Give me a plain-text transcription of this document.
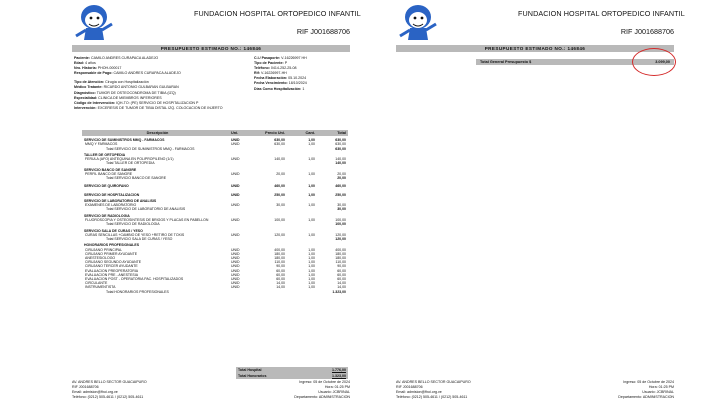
FUNDACION HOSPITAL ORTOPEDICO INFANTIL
RIF J001688706
PRESUPUESTO ESTIMADO NO.: 146846
Paciente: CAMILO ANDRES CURAPACA ALADEJO
Edad: 4 años
Nro. Historia: PHOH-000017
Responsable de Pago: CAMILO ANDRES CURAPACA ALADEJO
Tipo de Atención: Cirugía con Hospitalización
Médico Tratante: RICARDO ANTONIO GULBARAN GULBARAN
Diagnóstico: TUMOR DE OSTEOCONDROMA DE TIBIA (IZQ)
Especialidad: CLINICA DE MIEMBROS INFERIORES
Código de Intervención: IQH-TO: (PE) SERVICIO DE HOSPITALIZACION P
Intervención: EXCERESIS DE TUMOR DE TIBIA DISTAL IZQ. COLOCACION DE INJERTO
C.I./ Pasaporte: V-16226997 HH
Tipo de Paciente: P
Teléfono: 0414-252-25-08
Rif: V-16226997-HH
Fecha Elaboración: 05.10.2024
Fecha Vencimiento: 18/10/2024
Días Como Hospitalización: 1
Descripción	Uni.	Precio Uni.	Cant.	Total
SERVICIO DE SUMINISTROS MMQ - FARMACOS	UNID	630,00	1,00	630,00
MMQ Y FARMACOS	UNID	630,00	1,00	630,00
Total SERVICIO DE SUMINISTROS MMQ - FARMACOS	630,00
TALLER DE ORTOPEDIA
FERULA (AFO) ANTEQUINA EN POLIPROPILENO (1/1)	UNID	140,00	1,00	140,00
Total TALLER DE ORTOPEDIA	140,00
SERVICIO BANCO DE SANGRE
PERFIL BANCO DE SANGRE	UNID	20,00	1,00	20,00
Total SERVICIO BANCO DE SANGRE	20,00
SERVICIO DE QUIROFANO	UNID	460,00	1,00	460,00
SERVICIO DE HOSPITALIZACION	UNID	250,00	1,00	250,00
SERVICIO DE LABORATORIO DE ANALISIS
EXAMENES DE LABORATORIO	UNID	30,00	1,00	30,00
Total SERVICIO DE LABORATORIO DE ANALISIS	30,00
SERVICIO DE RADIOLOGIA
FLUOROSCOPIA Y OSTEOSINTESIS DE BRIGGS Y PLACAS EN PABELLON	UNID	100,00	1,00	100,00
Total SERVICIO DE RADIOLOGIA	100,00
SERVICIO SALA DE CURAS / YESO
CURAS SENCILLAS +CAMBIO DE YESO +RETIRO DE TOXIS	UNID	120,00	1,00	120,00
Total SERVICIO SALA DE CURAS / YESO	120,00
HONORARIOS PROFESIONALES
CIRUJANO PRINCIPAL	UNID	400,00	1,00	400,00
CIRUJANO PRIMER AYUDANTE	UNID	180,00	1,00	180,00
ANESTESIOLOGO	UNID	180,00	1,00	180,00
CIRUJANO SEGUNDO AYUDANTE	UNID	110,00	1,00	110,00
CIRUJANO TERCER AYUDANTE	UNID	90,00	1,00	90,00
EVALUACION PREOPERATORIA	UNID	60,00	1,00	60,00
EVALUACION PRE - ANESTESIA	UNID	60,00	1,00	60,00
EVALUACION POST - OPERATORIA PAC. HOSPITALIZADOS	UNID	60,00	1,00	60,00
CIRCULANTE	UNID	14,00	1,00	14,00
INSTRUMENTISTA	UNID	14,00	1,00	14,00
Total HONORARIOS PROFESIONALES	1.323,00
Total Hospital	1.776,00
Total Honorarios	1.323,00
AV. ANDRES BELLO SECTOR GUACAIPURO
RIF J001688706
Email: admision@fhoi.org.ve
Teléfono: (0212) 505-4611 / (0212) 505-4611
Ingreso: 05 de Octubre de 2024
Hora: 01:25 PM
Usuario: JCBRINAL
Departamento: ADMINISTRACION
FUNDACION HOSPITAL ORTOPEDICO INFANTIL
RIF J001688706
PRESUPUESTO ESTIMADO NO.: 146846
Total General Presupuesto $	3.099,00
AV. ANDRES BELLO SECTOR GUACAIPURO
RIF J001688706
Email: admision@fhoi.org.ve
Teléfono: (0212) 505-4611 / (0212) 505-4611
Ingreso: 05 de Octubre de 2024
Hora: 01:25 PM
Usuario: JCBRINAL
Departamento: ADMINISTRACION
